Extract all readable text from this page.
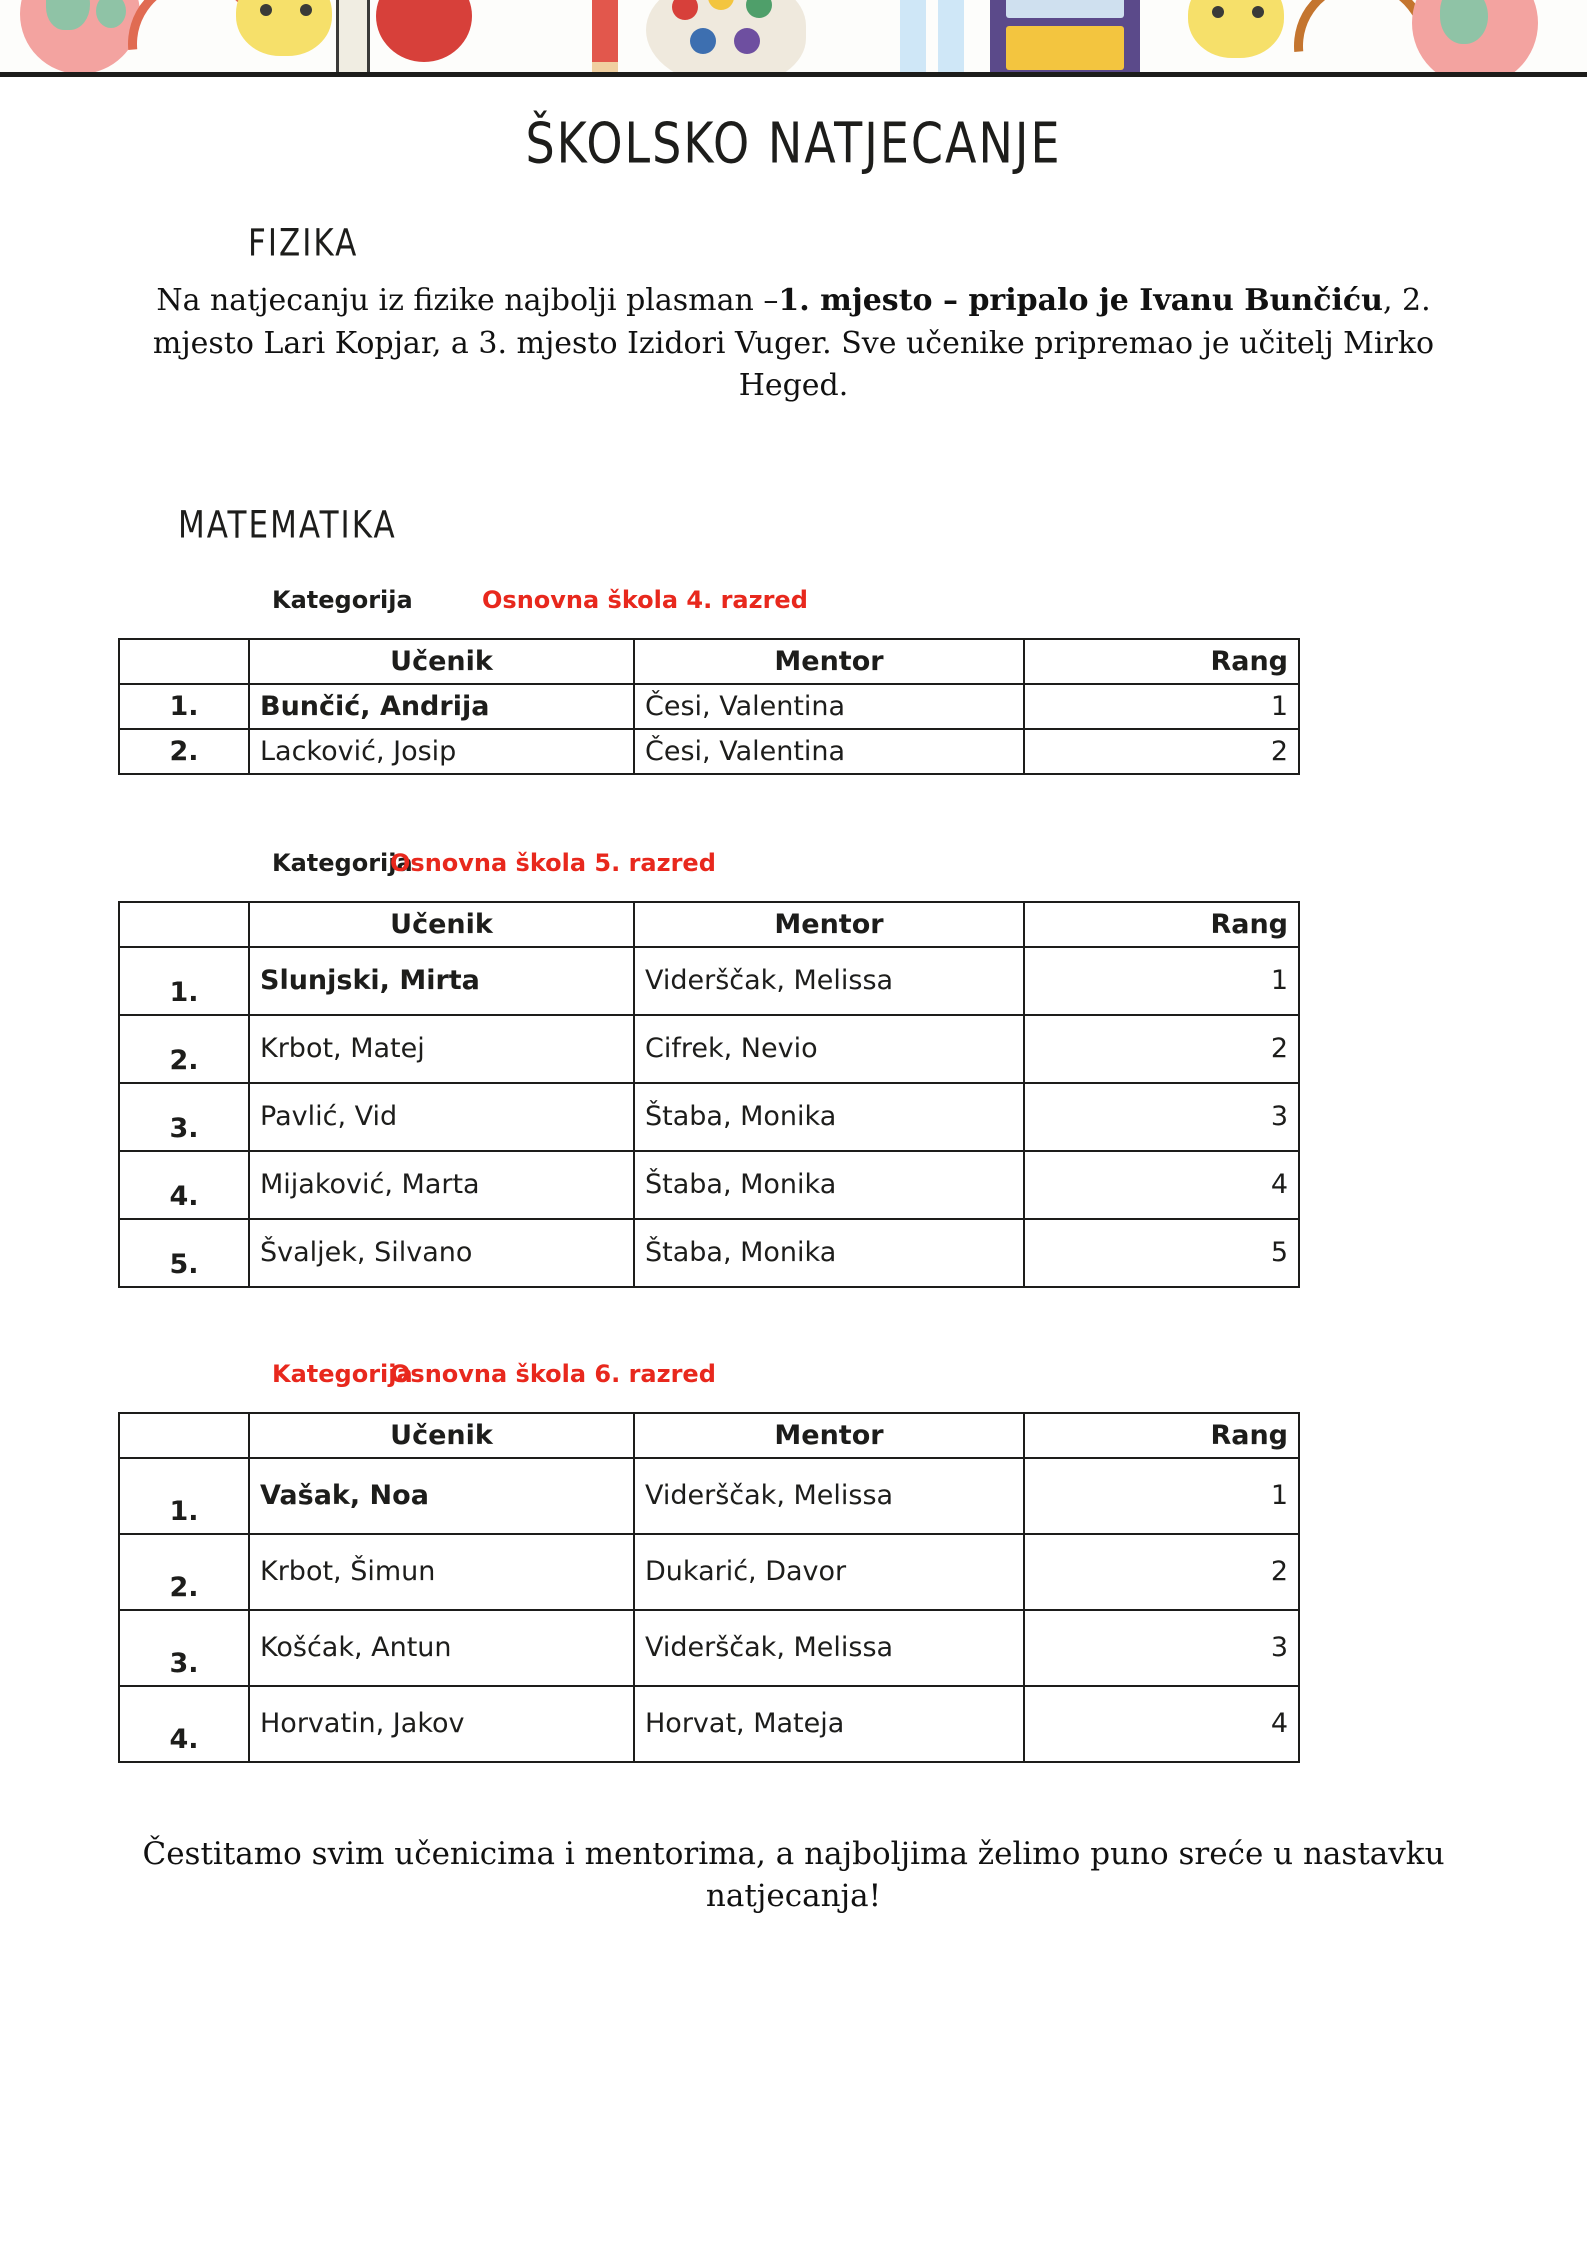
ŠKOLSKO NATJECANJE
FIZIKA
Na natjecanju iz fizike najbolji plasman –1. mjesto – pripalo je Ivanu Bunčiću, 2. mjesto Lari Kopjar, a 3. mjesto Izidori Vuger. Sve učenike pripremao je učitelj Mirko Heged.
MATEMATIKA
Kategorija	Osnovna škola 4. razred
	Učenik	Mentor	Rang
1.	Bunčić, Andrija	Česi, Valentina	1
2.	Lacković, Josip	Česi, Valentina	2
Kategorija
Osnovna škola 5. razred
	Učenik	Mentor	Rang
1.	Slunjski, Mirta	Viderščak, Melissa	1
2.	Krbot, Matej	Cifrek, Nevio	2
3.	Pavlić, Vid	Štaba, Monika	3
4.	Mijaković, Marta	Štaba, Monika	4
5.	Švaljek, Silvano	Štaba, Monika	5
Kategorija
Osnovna škola 6. razred
	Učenik	Mentor	Rang
1.	Vašak, Noa	Viderščak, Melissa	1
2.	Krbot, Šimun	Dukarić, Davor	2
3.	Košćak, Antun	Viderščak, Melissa	3
4.	Horvatin, Jakov	Horvat, Mateja	4
Čestitamo svim učenicima i mentorima, a najboljima želimo puno sreće u nastavku natjecanja!
